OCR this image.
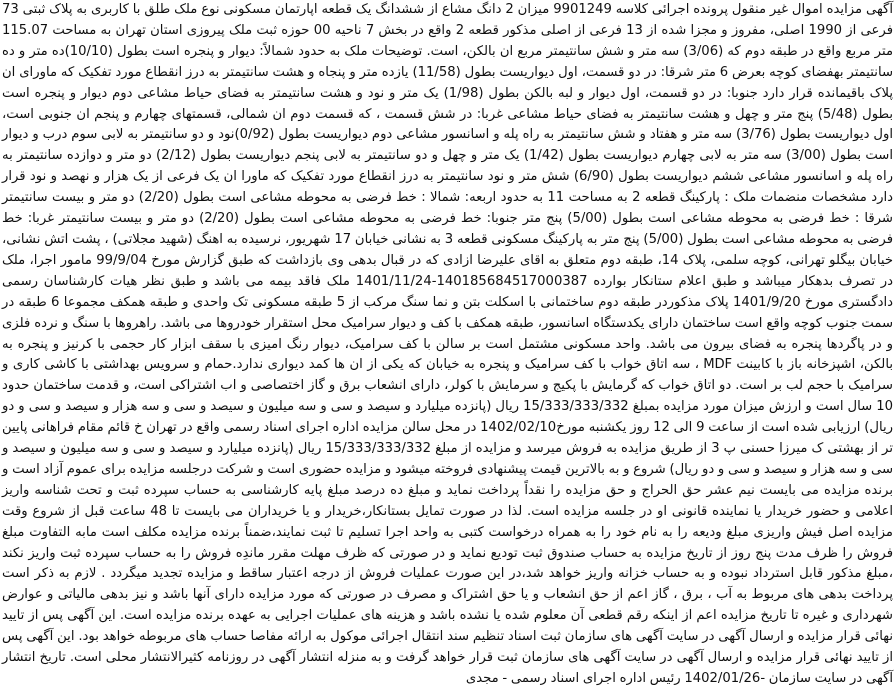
آگهی مزایده اموال غیر منقول پرونده اجرائی کلاسه 9901249 میزان 2 دانگ مشاع از ششدانگ یک قطعه اپارتمان مسکونی نوع ملک طلق با کاربری به پلاک ثبتی 73 فرعی از 1990 اصلی، مفروز و مجزا شده از 13 فرعی از اصلی مذکور قطعه 2 واقع در بخش 7 ناحیه 00 حوزه ثبت ملک پیروزی استان تهران به مساحت 115.07 متر مربع واقع در طبقه دوم که (3/06) سه متر و شش سانتیمتر مربع ان بالکن، است. توضیحات ملک به حدود شمالاً: دیوار و پنجره است بطول (10/10)ده متر و ده سانتیمتر بهفضای کوچه بعرض 6 متر شرقا: در دو قسمت، اول دیواریست بطول (11/58) یازده متر و پنجاه و هشت سانتیمتر به درز انقطاع مورد تفکیک که ماورای ان پلاک باقیمانده قرار دارد جنوبا: در دو قسمت، اول دیوار و لبه بالکن بطول (1/98) یک متر و نود و هشت سانتیمتر به فضای حیاط مشاعی دوم دیوار و پنجره است بطول (5/48) پنج متر و چهل و هشت سانتیمتر به فضای حیاط مشاعی غربا: در شش قسمت ، که قسمت دوم ان شمالی، قسمتهای چهارم و پنجم ان جنوبی است، اول دیواریست بطول (3/76) سه متر و هفتاد و شش سانتیمتر به راه پله و اسانسور مشاعی دوم دیواریست بطول (0/92)نود و دو سانتیمتر به لابی سوم درب و دیوار است بطول (3/00) سه متر به لابی چهارم دیواریست بطول (1/42) یک متر و چهل و دو سانتیمتر به لابی پنجم دیواریست بطول (2/12) دو متر و دوازده سانتیمتر به راه پله و اسانسور مشاعی ششم دیواریست بطول (6/90) شش متر و نود سانتیمتر به درز انقطاع مورد تفکیک که ماورا ان یک فرعی از یک هزار و نهصد و نود قرار دارد مشخصات منضمات ملک : پارکینگ قطعه 2 به مساحت 11 به حدود اربعه: شمالا : خط فرضی به محوطه مشاعی است بطول (2/20) دو متر و بیست سانتیمتر شرقا : خط فرضی به محوطه مشاعی است بطول (5/00) پنج متر جنوبا: خط فرضی به محوطه مشاعی است بطول (2/20) دو متر و بیست سانتیمتر غربا: خط فرضی به محوطه مشاعی است بطول (5/00) پنج متر به پارکینگ مسکونی قطعه 3 به نشانی خیابان 17 شهریور، نرسیده به اهنگ (شهید مجلاتی) ، پشت اتش نشانی، خیابان بیگلو تهرانی، کوچه سلمی، پلاک 14، طبقه دوم متعلق به اقای علیرضا ازادی که در قبال بدهی وی بازداشت که طبق گزارش مورخ 99/9/04 مامور اجرا، ملک در تصرف بدهکار میباشد و طبق اعلام ستانکار بوارده 14018568451700038​7-1401/11/24 ملک فاقد بیمه می باشد و طبق نظر هیات کارشناسان رسمی دادگستری مورخ 1401/9/20 پلاک مذکوردر طبقه دوم ساختمانی با اسکلت بتن و نما سنگ مرکب از 5 طبقه مسکونی تک واحدی و طبقه همکف مجموعا 6 طبقه در سمت جنوب کوچه واقع است ساختمان دارای یکدستگاه اسانسور، طبقه همکف با کف و دیوار سرامیک محل استقرار خودروها می باشد. راهروها با سنگ و نرده فلزی و در پاگردها پنجره به فضای بیرون می باشد. واحد مسکونی مشتمل است بر سالن با کف سرامیک، دیوار رنگ امیزی با سقف ابزار کار حجمی با کرنیز و پنجره به بالکن، اشپزخانه باز با کابینت MDF ، سه اتاق خواب با کف سرامیک و پنجره به خیابان که یکی از ان ها کمد دیواری ندارد.حمام و سرویس بهداشتی با کاشی کاری و سرامیک با حجم لب بر است. دو اتاق خواب که گرمایش با پکیج و سرمایش با کولر، دارای انشعاب برق و گاز اختصاصی و اب اشتراکی است، و قدمت ساختمان حدود 10 سال است و ارزش میزان مورد مزایده بمبلغ 15/333/333/332 ریال (پانزده میلیارد و سیصد و سی و سه میلیون و سیصد و سی و سه هزار و سیصد و سی و دو ریال) ارزیابی شده است از ساعت 9 الی 12 روز یکشنبه مورخ1402/02/10 در محل سالن مزایده اداره اجرای اسناد رسمی واقع در تهران خ قائم مقام فراهانی پایین تر از بهشتی ک میرزا حسنی پ 3 از طریق مزایده به فروش میرسد و مزایده از مبلغ 15/333/333/332 ریال (پانزده میلیارد و سیصد و سی و سه میلیون و سیصد و سی و سه هزار و سیصد و سی و دو ریال) شروع و به بالاترین قیمت پیشنهادی فروخته میشود و مزایده حضوری است و شرکت درجلسه مزایده برای عموم آزاد است و برنده مزایده می بایست نیم عشر حق الحراج و حق مزایده را نقداً پرداخت نماید و مبلغ ده درصد مبلغ پایه کارشناسی به حساب سپرده ثبت و تحت شناسه واریز اعلامی و حضور خریدار یا نماینده قانونی او در جلسه مزایده است. لذا در صورت تمایل بستانکار،خریدار و یا خریداران می بایست تا 48 ساعت قبل از شروع وقت مزایده اصل فیش واریزی مبلغ ودیعه را به نام خود را به همراه درخواست کتبی به واحد اجرا تسلیم تا ثبت نمایند،ضمناً برنده مزایده مکلف است مابه التفاوت مبلغ فروش را ظرف مدت پنج روز از تاریخ مزایده به حساب صندوق ثبت تودیع نماید و در صورتی که ظرف مهلت مقرر ماندِه فروش را به حساب سپرده ثبت واریز نکند ،مبلغ مذکور قابل استرداد نبوده و به حساب خزانه واریز خواهد شد،در این صورت عملیات فروش از درجه اعتبار ساقط و مزایده تجدید میگردد . لازم به ذکر است پرداخت بدهی های مربوط به آب ، برق ، گاز اعم از حق انشعاب و یا حق اشتراک و مصرف در صورتی که مورد مزایده دارای آنها باشد و نیز بدهی مالیاتی و عوارض شهرداری و غیره تا تاریخ مزایده اعم از اینکه رقم قطعی آن معلوم شده یا نشده باشد و هزینه های عملیات اجرایی به عهده برنده مزایده است. این آگهی پس از تایید نهائی قرار مزایده و ارسال آگهی در سایت آگهی های سازمان ثبت اسناد تنظیم سند انتقال اجرائی موکول به ارائه مفاصا حساب های مربوطه خواهد بود. این آگهی پس از تایید نهائی قرار مزایده و ارسال آگهی در سایت آگهی های سازمان ثبت قرار خواهد گرفت و به منزله انتشار آگهی در روزنامه کثیرالانتشار محلی است. تاریخ انتشار آگهی در سایت سازمان -1402/01/26 رئیس اداره اجرای اسناد رسمی - مجدی
